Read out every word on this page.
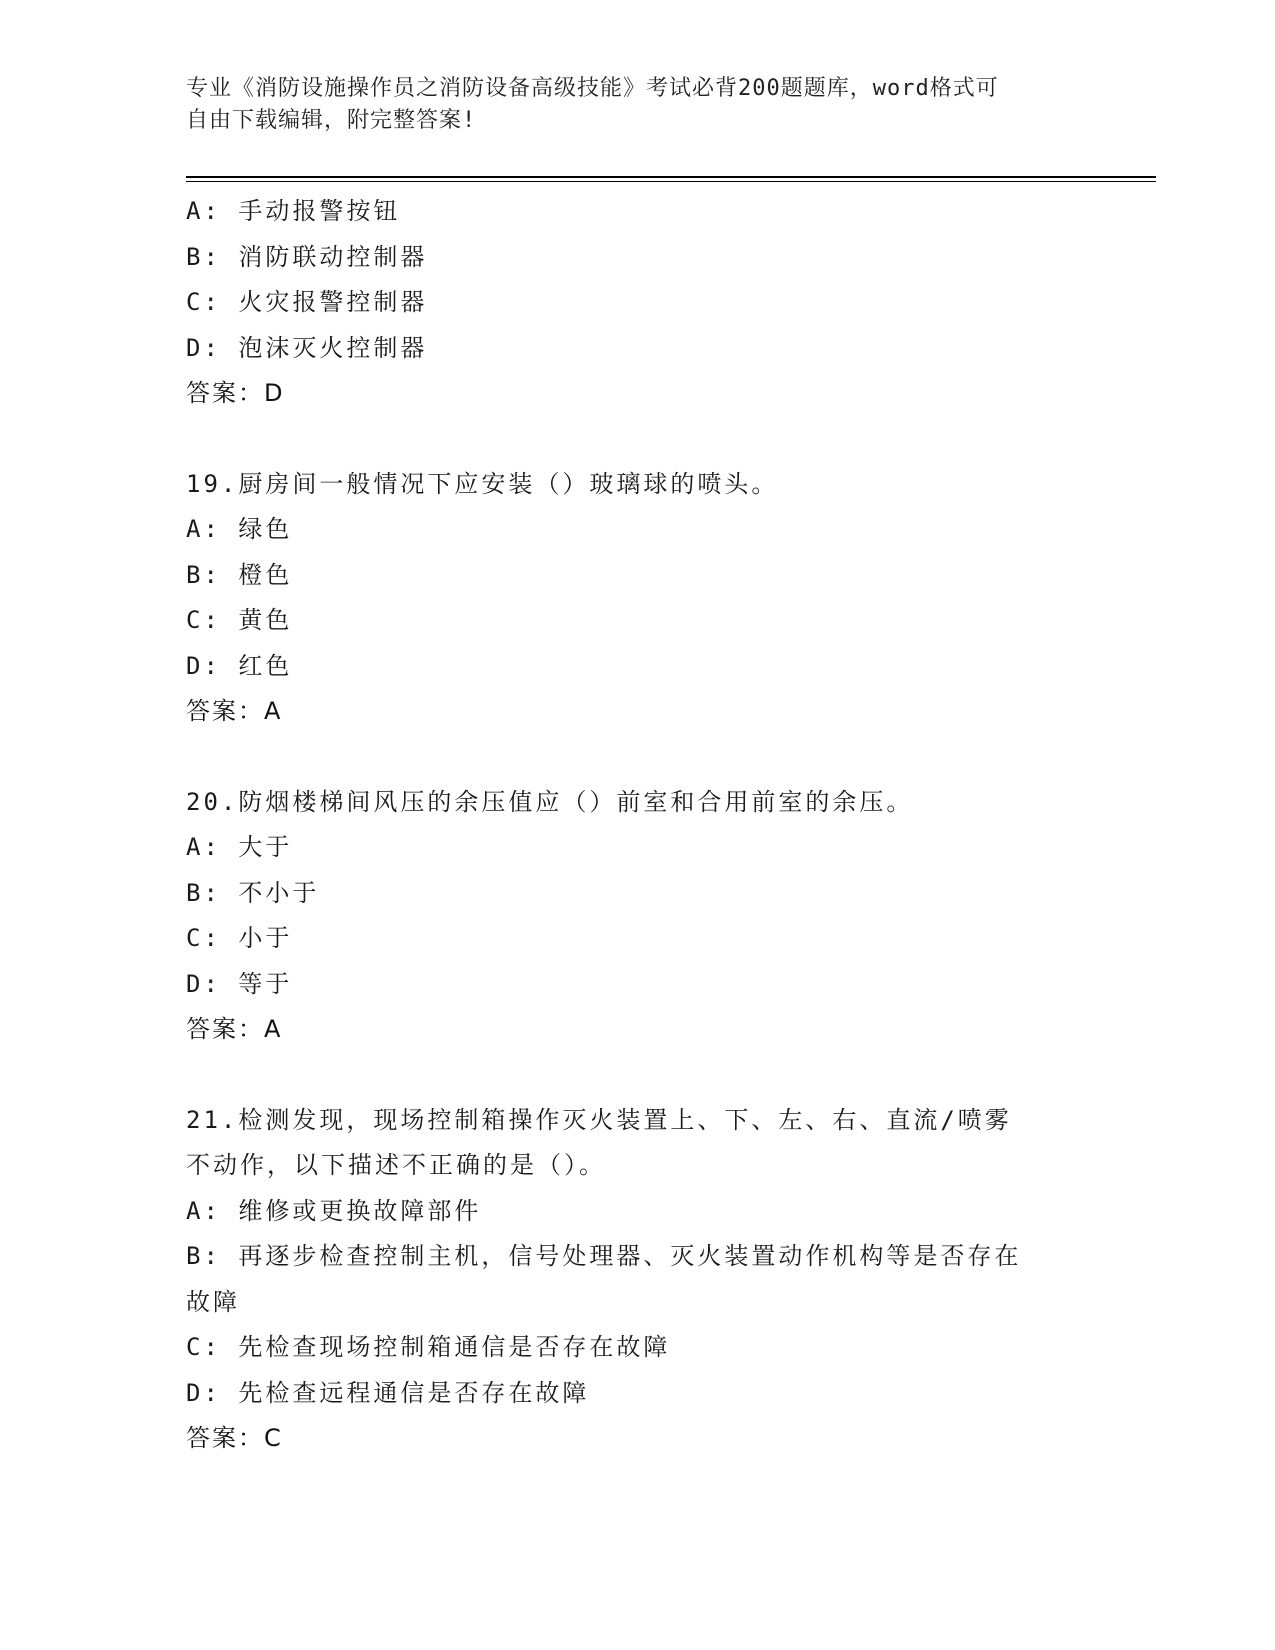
专业《消防设施操作员之消防设备高级技能》考试必背200题题库，word格式可
自由下载编辑，附完整答案!
A: 手动报警按钮
B: 消防联动控制器
C: 火灾报警控制器
D: 泡沫灭火控制器
答案：D
19.厨房间一般情况下应安装（）玻璃球的喷头。
A: 绿色
B: 橙色
C: 黄色
D: 红色
答案：A
20.防烟楼梯间风压的余压值应（）前室和合用前室的余压。
A: 大于
B: 不小于
C: 小于
D: 等于
答案：A
21.检测发现，现场控制箱操作灭火装置上、下、左、右、直流/喷雾
不动作，以下描述不正确的是（）。
A: 维修或更换故障部件
B: 再逐步检查控制主机，信号处理器、灭火装置动作机构等是否存在
故障
C: 先检查现场控制箱通信是否存在故障
D: 先检查远程通信是否存在故障
答案：C
